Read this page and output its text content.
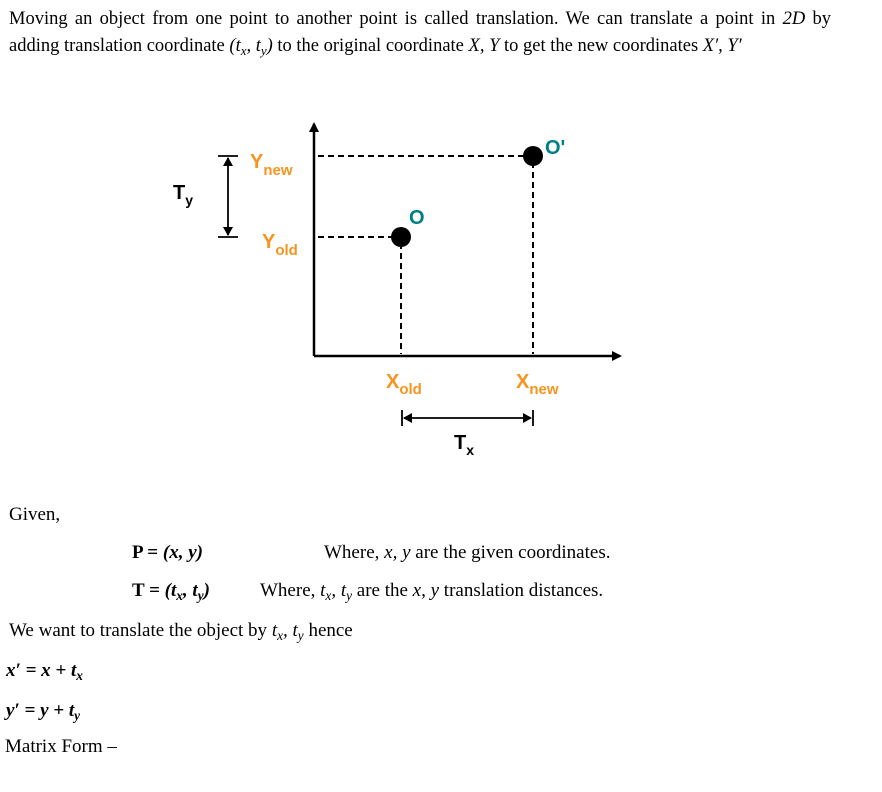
Moving an object from one point to another point is called translation. We can translate a point in 2D by adding translation coordinate ($t_x$, $t_y$) to the original coordinate X, Y to get the new coordinates X′, Y′
$T_y$
$Y_{new}$
$Y_{old}$
$X_{old}$	$X_{new}$
O
O'
$T_x$
Given,
P = (x, y)	Where, x, y are the given coordinates.
$T = (t_x$, $t_y$)	Where, $t_x$, $t_y$ are the x, y translation distances.
We want to translate the object by $t_x$, $t_y$ hence
$x' = x + t_x$
$y' = y + t_y$
Matrix Form –
